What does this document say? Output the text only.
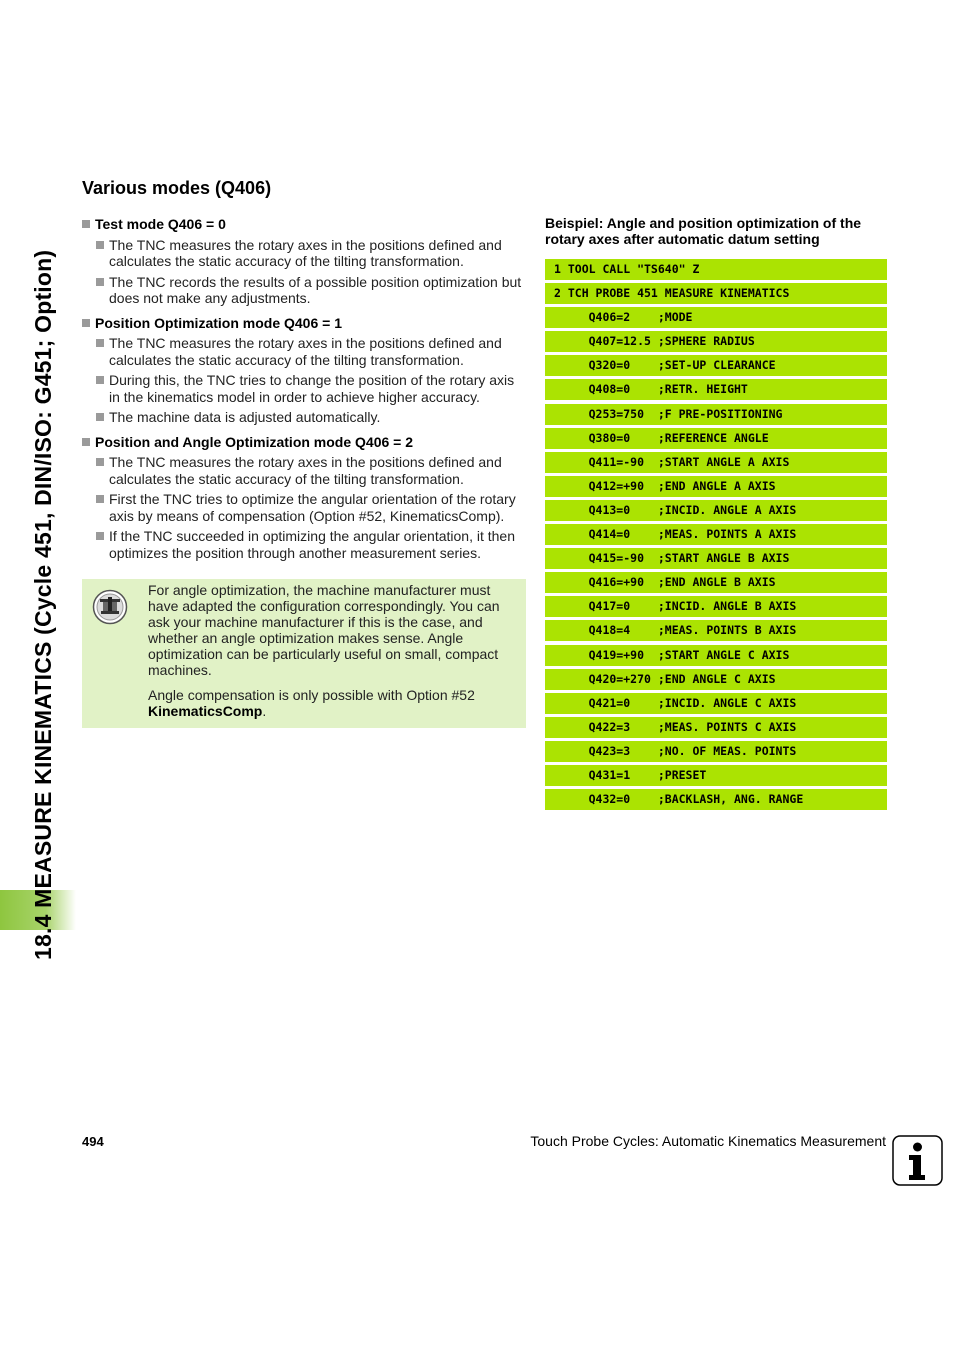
18.4 MEASURE KINEMATICS (Cycle 451, DIN/ISO: G451; Option)
Various modes (Q406)
Test mode Q406 = 0
The TNC measures the rotary axes in the positions defined and calculates the static accuracy of the tilting transformation.
The TNC records the results of a possible position optimization but does not make any adjustments.
Position Optimization mode Q406 = 1
The TNC measures the rotary axes in the positions defined and calculates the static accuracy of the tilting transformation.
During this, the TNC tries to change the position of the rotary axis in the kinematics model in order to achieve higher accuracy.
The machine data is adjusted automatically.
Position and Angle Optimization mode Q406 = 2
The TNC measures the rotary axes in the positions defined and calculates the static accuracy of the tilting transformation.
First the TNC tries to optimize the angular orientation of the rotary axis by means of compensation (Option #52, KinematicsComp).
If the TNC succeeded in optimizing the angular orientation, it then optimizes the position through another measurement series.

For angle optimization, the machine manufacturer must have adapted the configuration correspondingly. You can ask your machine manufacturer if this is the case, and whether an angle optimization makes sense. Angle optimization can be particularly useful on small, compact machines.

Angle compensation is only possible with Option #52 KinematicsComp.

Beispiel: Angle and position optimization of the rotary axes after automatic datum setting
1 TOOL CALL "TS640" Z
2 TCH PROBE 451 MEASURE KINEMATICS
Q406=2    ;MODE
Q407=12.5 ;SPHERE RADIUS
Q320=0    ;SET-UP CLEARANCE
Q408=0    ;RETR. HEIGHT
Q253=750  ;F PRE-POSITIONING
Q380=0    ;REFERENCE ANGLE
Q411=-90  ;START ANGLE A AXIS
Q412=+90  ;END ANGLE A AXIS
Q413=0    ;INCID. ANGLE A AXIS
Q414=0    ;MEAS. POINTS A AXIS
Q415=-90  ;START ANGLE B AXIS
Q416=+90  ;END ANGLE B AXIS
Q417=0    ;INCID. ANGLE B AXIS
Q418=4    ;MEAS. POINTS B AXIS
Q419=+90  ;START ANGLE C AXIS
Q420=+270 ;END ANGLE C AXIS
Q421=0    ;INCID. ANGLE C AXIS
Q422=3    ;MEAS. POINTS C AXIS
Q423=3    ;NO. OF MEAS. POINTS
Q431=1    ;PRESET
Q432=0    ;BACKLASH, ANG. RANGE
494	Touch Probe Cycles: Automatic Kinematics Measurement
